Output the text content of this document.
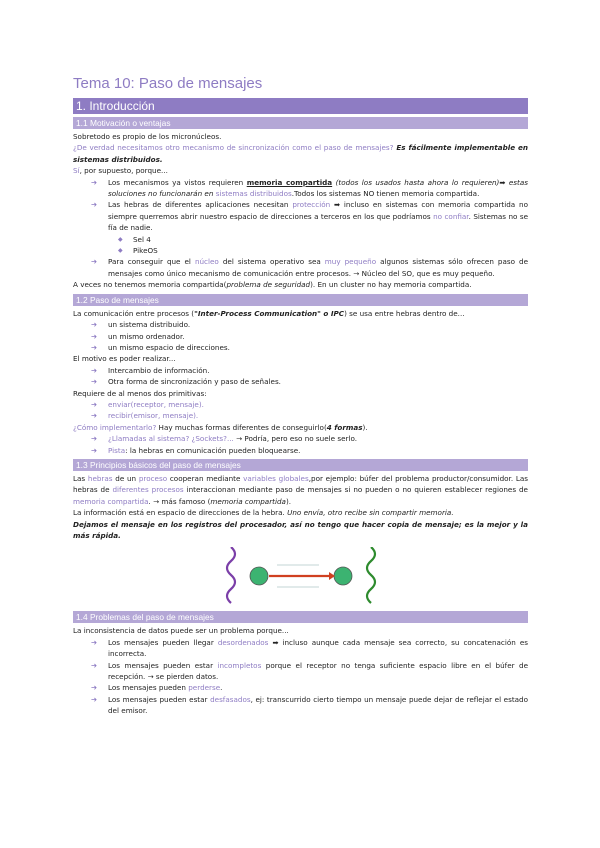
Tema 10: Paso de mensajes
1. Introducción
1.1 Motivación o ventajas

Sobretodo es propio de los micronúcleos.

¿De verdad necesitamos otro mecanismo de sincronización como el paso de mensajes? Es fácilmente implementable en sistemas distribuidos.

Sí, por supuesto, porque...

➔ Los mecanismos ya vistos requieren memoria compartida (todos los usados hasta ahora lo requieren)➡ estas soluciones no funcionarán en sistemas distribuidos.Todos los sistemas NO tienen memoria compartida.

➔ Las hebras de diferentes aplicaciones necesitan protección ➡ incluso en sistemas con memoria compartida no siempre querremos abrir nuestro espacio de direcciones a terceros en los que podríamos no confiar. Sistemas no se fía de nadie.

◆ Sel 4

◆ PikeOS

➔ Para conseguir que el núcleo del sistema operativo sea muy pequeño algunos sistemas sólo ofrecen paso de mensajes como único mecanismo de comunicación entre procesos. → Núcleo del SO, que es muy pequeño.

A veces no tenemos memoria compartida(problema de seguridad). En un cluster no hay memoria compartida.

1.2 Paso de mensajes

La comunicación entre procesos ("Inter-Process Communication" o IPC) se usa entre hebras dentro de...

➔ un sistema distribuido.

➔ un mismo ordenador.

➔ un mismo espacio de direcciones.

El motivo es poder realizar...

➔ Intercambio de información.

➔ Otra forma de sincronización y paso de señales.

Requiere de al menos dos primitivas:

➔ enviar(receptor, mensaje).

➔ recibir(emisor, mensaje).

¿Cómo implementarlo? Hay muchas formas diferentes de conseguirlo(4 formas).

➔ ¿Llamadas al sistema? ¿Sockets?... → Podría, pero eso no suele serlo.

➔ Pista: la hebras en comunicación pueden bloquearse.

1.3 Principios básicos del paso de mensajes

Las hebras de un proceso cooperan mediante variables globales,por ejemplo: búfer del problema productor/consumidor. Las hebras de diferentes procesos interaccionan mediante paso de mensajes si no pueden o no quieren establecer regiones de memoria compartida. → más famoso (memoria compartida).

La información está en espacio de direcciones de la hebra. Uno envía, otro recibe sin compartir memoria.

Dejamos el mensaje en los registros del procesador, así no tengo que hacer copia de mensaje; es la mejor y la más rápida.

1.4 Problemas del paso de mensajes

La inconsistencia de datos puede ser un problema porque...

➔ Los mensajes pueden llegar desordenados ➡ incluso aunque cada mensaje sea correcto, su concatenación es incorrecta.

➔ Los mensajes pueden estar incompletos porque el receptor no tenga suficiente espacio libre en el búfer de recepción. → se pierden datos.

➔ Los mensajes pueden perderse.

➔ Los mensajes pueden estar desfasados, ej: transcurrido cierto tiempo un mensaje puede dejar de reflejar el estado del emisor.
